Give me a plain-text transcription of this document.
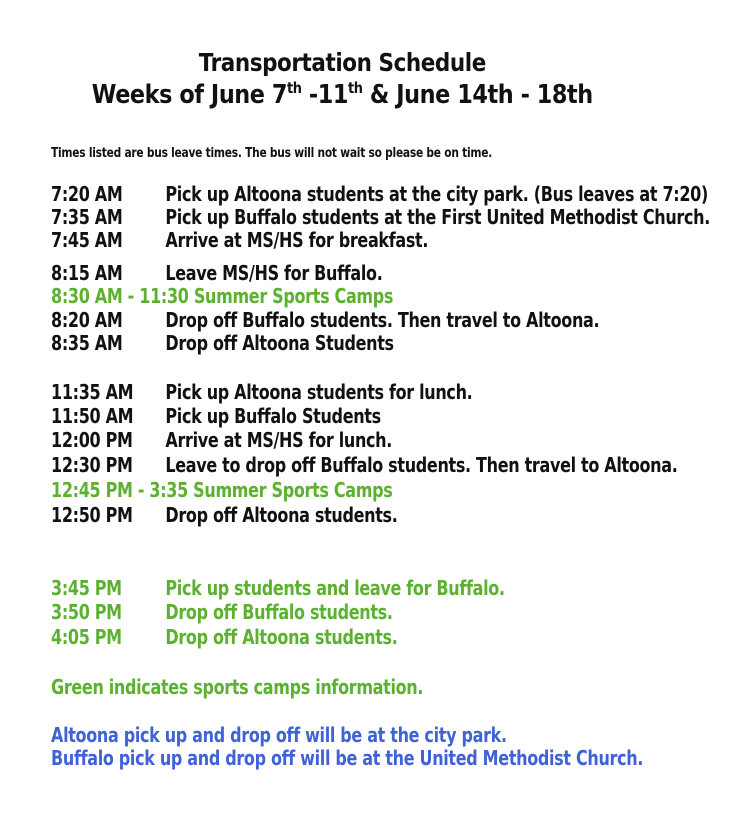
Transportation Schedule
Weeks of June 7th -11th & June 14th - 18th
Times listed are bus leave times. The bus will not wait so please be on time.
7:20 AM Pick up Altoona students at the city park. (Bus leaves at 7:20)
7:35 AM Pick up Buffalo students at the First United Methodist Church.
7:45 AM Arrive at MS/HS for breakfast.
8:15 AM Leave MS/HS for Buffalo.
8:30 AM - 11:30 Summer Sports Camps
8:20 AM Drop off Buffalo students. Then travel to Altoona.
8:35 AM Drop off Altoona Students
11:35 AM Pick up Altoona students for lunch.
11:50 AM Pick up Buffalo Students
12:00 PM Arrive at MS/HS for lunch.
12:30 PM Leave to drop off Buffalo students. Then travel to Altoona.
12:45 PM - 3:35 Summer Sports Camps
12:50 PM Drop off Altoona students.
3:45 PM Pick up students and leave for Buffalo.
3:50 PM Drop off Buffalo students.
4:05 PM Drop off Altoona students.
Green indicates sports camps information.
Altoona pick up and drop off will be at the city park.
Buffalo pick up and drop off will be at the United Methodist Church.
